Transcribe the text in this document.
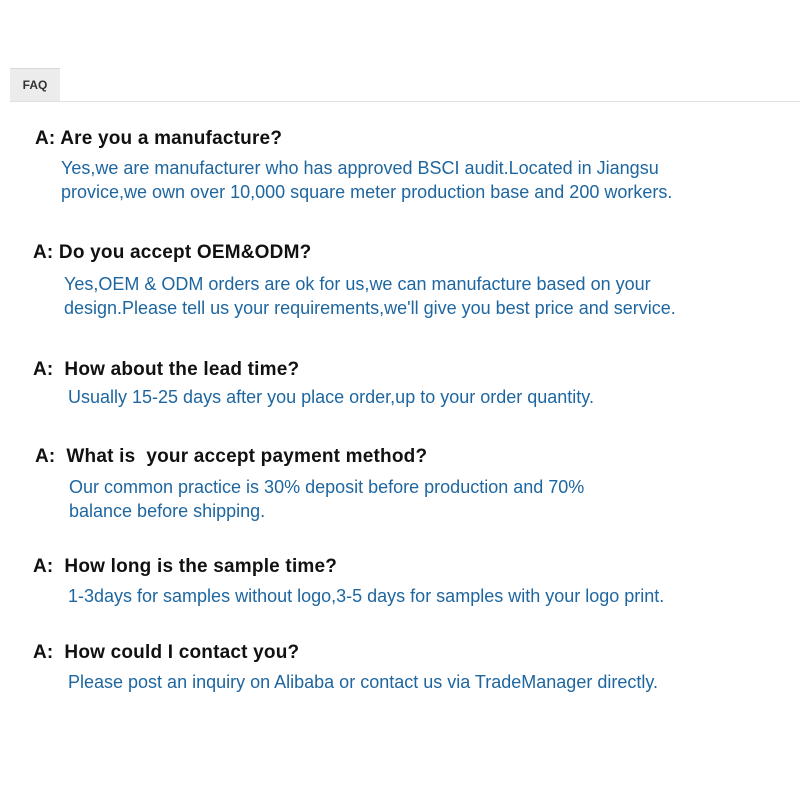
FAQ
A: Are you a manufacture?
Yes,we are manufacturer who has approved BSCI audit.Located in Jiangsu
provice,we own over 10,000 square meter production base and 200 workers.
A: Do you accept OEM&ODM?
Yes,OEM & ODM orders are ok for us,we can manufacture based on your
design.Please tell us your requirements,we'll give you best price and service.
A:  How about the lead time?
Usually 15-25 days after you place order,up to your order quantity.
A:  What is  your accept payment method?
Our common practice is 30% deposit before production and 70%
balance before shipping.
A:  How long is the sample time?
1-3days for samples without logo,3-5 days for samples with your logo print.
A:  How could I contact you?
Please post an inquiry on Alibaba or contact us via TradeManager directly.
